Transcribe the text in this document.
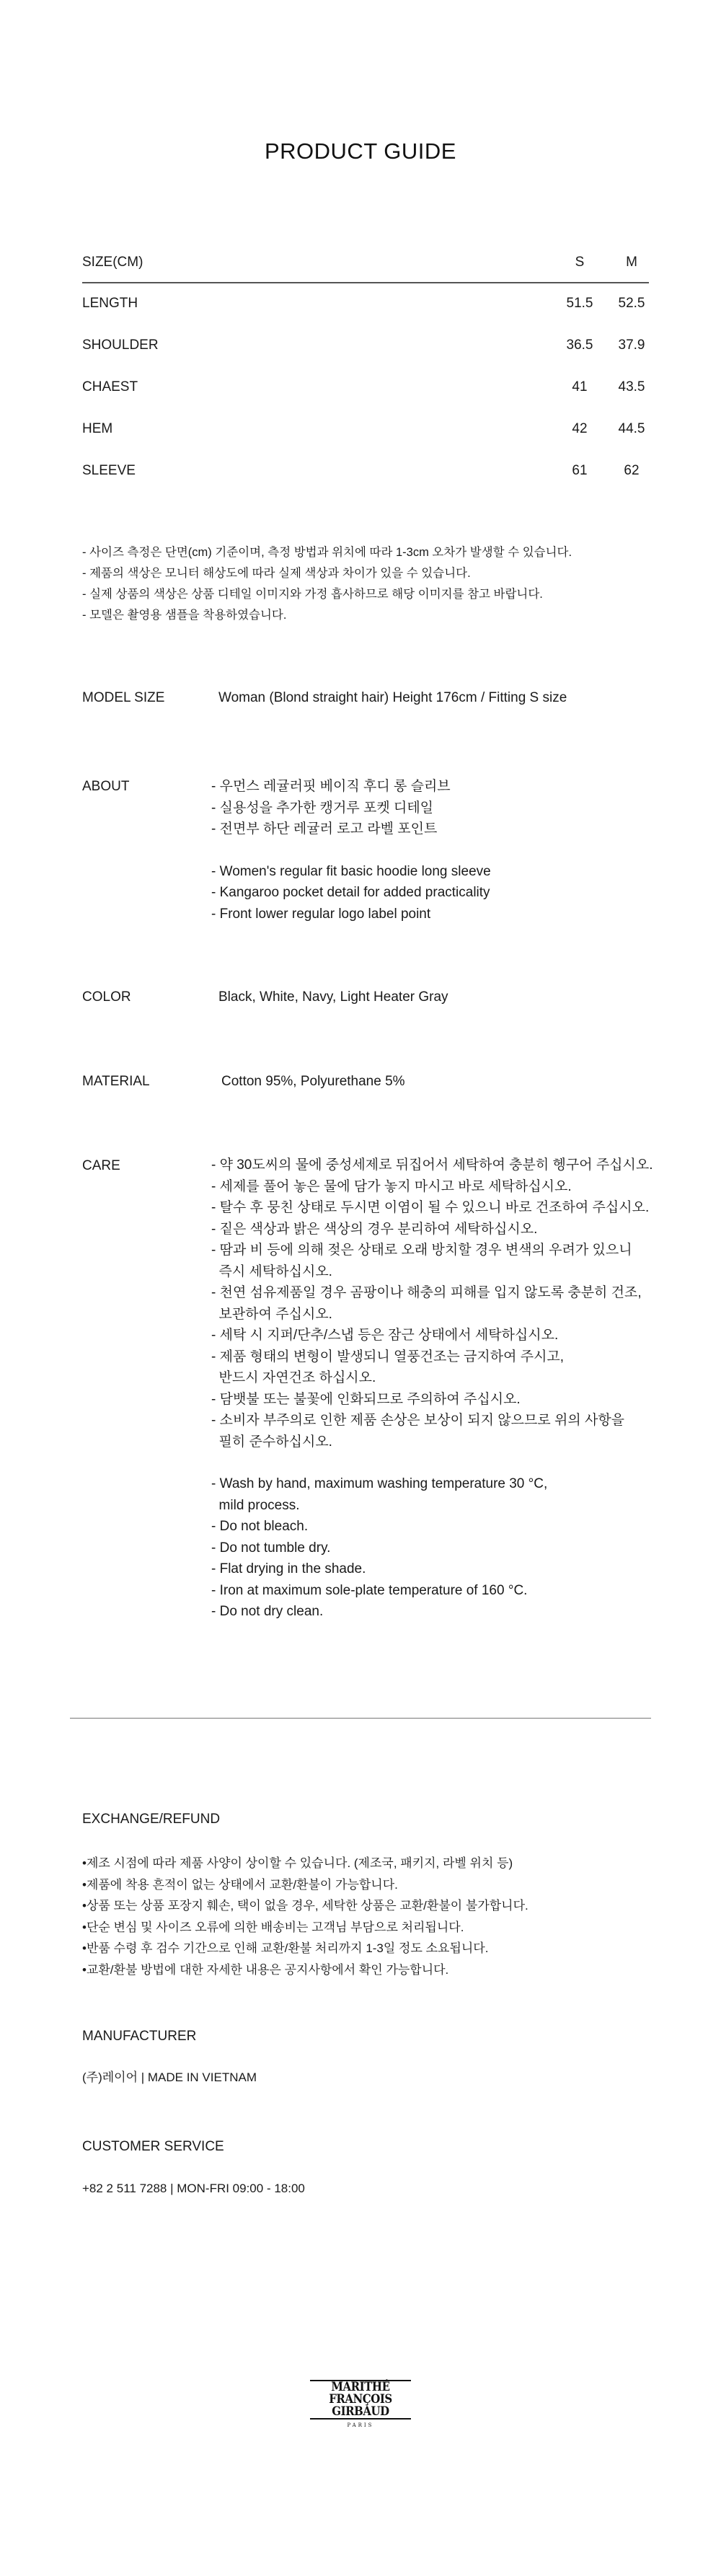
PRODUCT GUIDE
SIZE(CM)	S	M
LENGTH	51.5	52.5
SHOULDER	36.5	37.9
CHAEST	41	43.5
HEM	42	44.5
SLEEVE	61	62
- 사이즈 측정은 단면(cm) 기준이며, 측정 방법과 위치에 따라 1-3cm 오차가 발생할 수 있습니다.
- 제품의 색상은 모니터 해상도에 따라 실제 색상과 차이가 있을 수 있습니다.
- 실제 상품의 색상은 상품 디테일 이미지와 가정 흡사하므로 해당 이미지를 참고 바랍니다.
- 모델은 촬영용 샘플을 착용하였습니다.
MODEL SIZE	Woman (Blond straight hair) Height 176cm / Fitting S size
ABOUT	- 우먼스 레귤러핏 베이직 후디 롱 슬리브
- 실용성을 추가한 캥거루 포켓 디테일
- 전면부 하단 레귤러 로고 라벨 포인트
- Women's regular fit basic hoodie long sleeve
- Kangaroo pocket detail for added practicality
- Front lower regular logo label point
COLOR	Black, White, Navy, Light Heater Gray
MATERIAL	Cotton 95%, Polyurethane 5%
CARE	- 약 30도씨의 물에 중성세제로 뒤집어서 세탁하여 충분히 헹구어 주십시오.
- 세제를 풀어 놓은 물에 담가 놓지 마시고 바로 세탁하십시오.
- 탈수 후 뭉친 상태로 두시면 이염이 될 수 있으니 바로 건조하여 주십시오.
- 짙은 색상과 밝은 색상의 경우 분리하여 세탁하십시오.
- 땀과 비 등에 의해 젖은 상태로 오래 방치할 경우 변색의 우려가 있으니
즉시 세탁하십시오.
- 천연 섬유제품일 경우 곰팡이나 해충의 피해를 입지 않도록 충분히 건조,
보관하여 주십시오.
- 세탁 시 지퍼/단추/스냅 등은 잠근 상태에서 세탁하십시오.
- 제품 형태의 변형이 발생되니 열풍건조는 금지하여 주시고,
반드시 자연건조 하십시오.
- 담뱃불 또는 불꽃에 인화되므로 주의하여 주십시오.
- 소비자 부주의로 인한 제품 손상은 보상이 되지 않으므로 위의 사항을
필히 준수하십시오.
- Wash by hand, maximum washing temperature 30 °C,
mild process.
- Do not bleach.
- Do not tumble dry.
- Flat drying in the shade.
- Iron at maximum sole-plate temperature of 160 °C.
- Do not dry clean.
EXCHANGE/REFUND
•제조 시점에 따라 제품 사양이 상이할 수 있습니다. (제조국, 패키지, 라벨 위치 등)
•제품에 착용 흔적이 없는 상태에서 교환/환불이 가능합니다.
•상품 또는 상품 포장지 훼손, 택이 없을 경우, 세탁한 상품은 교환/환불이 불가합니다.
•단순 변심 및 사이즈 오류에 의한 배송비는 고객님 부담으로 처리됩니다.
•반품 수령 후 검수 기간으로 인해 교환/환불 처리까지 1-3일 정도 소요됩니다.
•교환/환불 방법에 대한 자세한 내용은 공지사항에서 확인 가능합니다.
MANUFACTURER
(주)레이어 | MADE IN VIETNAM
CUSTOMER SERVICE
+82 2 511 7288 | MON-FRI 09:00 - 18:00
MARITHÉ
FRANÇOIS
GIRBAUD
PARIS
